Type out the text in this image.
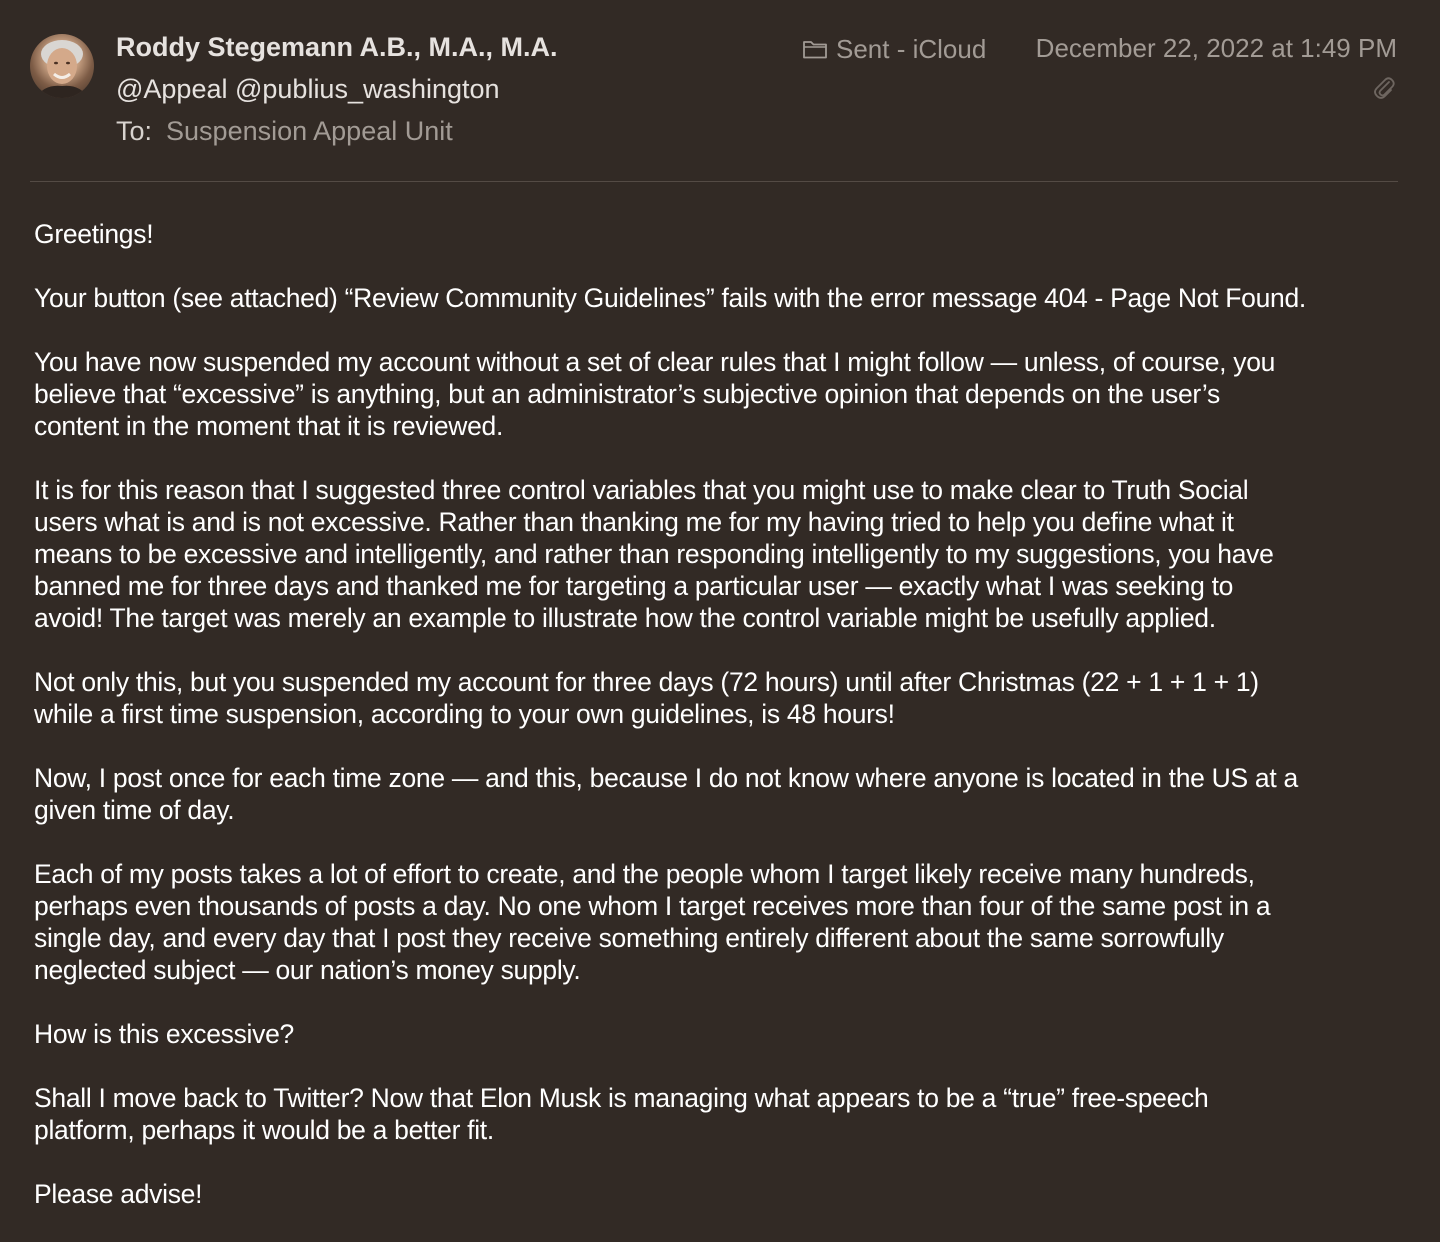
Roddy Stegemann A.B., M.A., M.A.
@Appeal @publius_washington
To: Suspension Appeal Unit
Sent - iCloud December 22, 2022 at 1:49 PM

Greetings!

Your button (see attached) “Review Community Guidelines” fails with the error message 404 - Page Not Found.

You have now suspended my account without a set of clear rules that I might follow — unless, of course, you
believe that “excessive” is anything, but an administrator’s subjective opinion that depends on the user’s
content in the moment that it is reviewed.

It is for this reason that I suggested three control variables that you might use to make clear to Truth Social
users what is and is not excessive. Rather than thanking me for my having tried to help you define what it
means to be excessive and intelligently, and rather than responding intelligently to my suggestions, you have
banned me for three days and thanked me for targeting a particular user — exactly what I was seeking to
avoid! The target was merely an example to illustrate how the control variable might be usefully applied.

Not only this, but you suspended my account for three days (72 hours) until after Christmas (22 + 1 + 1 + 1)
while a first time suspension, according to your own guidelines, is 48 hours!

Now, I post once for each time zone — and this, because I do not know where anyone is located in the US at a
given time of day.

Each of my posts takes a lot of effort to create, and the people whom I target likely receive many hundreds,
perhaps even thousands of posts a day. No one whom I target receives more than four of the same post in a
single day, and every day that I post they receive something entirely different about the same sorrowfully
neglected subject — our nation’s money supply.

How is this excessive?

Shall I move back to Twitter? Now that Elon Musk is managing what appears to be a “true” free-speech
platform, perhaps it would be a better fit.

Please advise!
